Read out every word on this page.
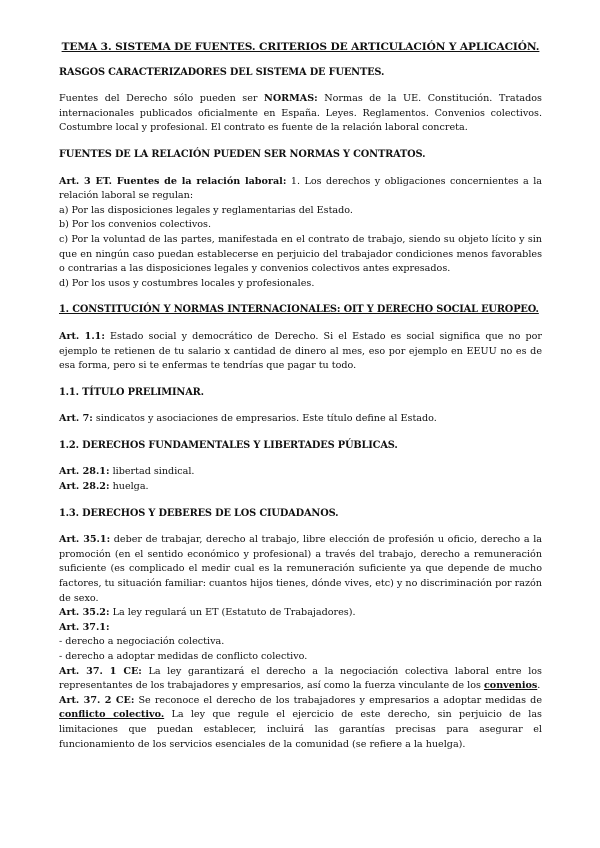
TEMA 3. SISTEMA DE FUENTES. CRITERIOS DE ARTICULACIÓN Y APLICACIÓN.
RASGOS CARACTERIZADORES DEL SISTEMA DE FUENTES.

Fuentes del Derecho sólo pueden ser NORMAS: Normas de la UE. Constitución. Tratados internacionales publicados oficialmente en España. Leyes. Reglamentos. Convenios colectivos. Costumbre local y profesional. El contrato es fuente de la relación laboral concreta.

FUENTES DE LA RELACIÓN PUEDEN SER NORMAS Y CONTRATOS.

Art. 3 ET. Fuentes de la relación laboral: 1. Los derechos y obligaciones concernientes a la relación laboral se regulan:

a) Por las disposiciones legales y reglamentarias del Estado.

b) Por los convenios colectivos.

c) Por la voluntad de las partes, manifestada en el contrato de trabajo, siendo su objeto lícito y sin que en ningún caso puedan establecerse en perjuicio del trabajador condiciones menos favorables o contrarias a las disposiciones legales y convenios colectivos antes expresados.

d) Por los usos y costumbres locales y profesionales.

1. CONSTITUCIÓN Y NORMAS INTERNACIONALES: OIT Y DERECHO SOCIAL EUROPEO.

Art. 1.1: Estado social y democrático de Derecho. Si el Estado es social significa que no por ejemplo te retienen de tu salario x cantidad de dinero al mes, eso por ejemplo en EEUU no es de esa forma, pero si te enfermas te tendrías que pagar tu todo.

1.1. TÍTULO PRELIMINAR.

Art. 7: sindicatos y asociaciones de empresarios. Este título define al Estado.

1.2. DERECHOS FUNDAMENTALES Y LIBERTADES PÚBLICAS.

Art. 28.1: libertad sindical.

Art. 28.2: huelga.

1.3. DERECHOS Y DEBERES DE LOS CIUDADANOS.

Art. 35.1: deber de trabajar, derecho al trabajo, libre elección de profesión u oficio, derecho a la promoción (en el sentido económico y profesional) a través del trabajo, derecho a remuneración suficiente (es complicado el medir cual es la remuneración suficiente ya que depende de mucho factores, tu situación familiar: cuantos hijos tienes, dónde vives, etc) y no discriminación por razón de sexo.

Art. 35.2: La ley regulará un ET (Estatuto de Trabajadores).

Art. 37.1:

- derecho a negociación colectiva.

- derecho a adoptar medidas de conflicto colectivo.

Art. 37. 1 CE: La ley garantizará el derecho a la negociación colectiva laboral entre los representantes de los trabajadores y empresarios, así como la fuerza vinculante de los convenios.

Art. 37. 2 CE: Se reconoce el derecho de los trabajadores y empresarios a adoptar medidas de conflicto colectivo. La ley que regule el ejercicio de este derecho, sin perjuicio de las limitaciones que puedan establecer, incluirá las garantías precisas para asegurar el funcionamiento de los servicios esenciales de la comunidad (se refiere a la huelga).
